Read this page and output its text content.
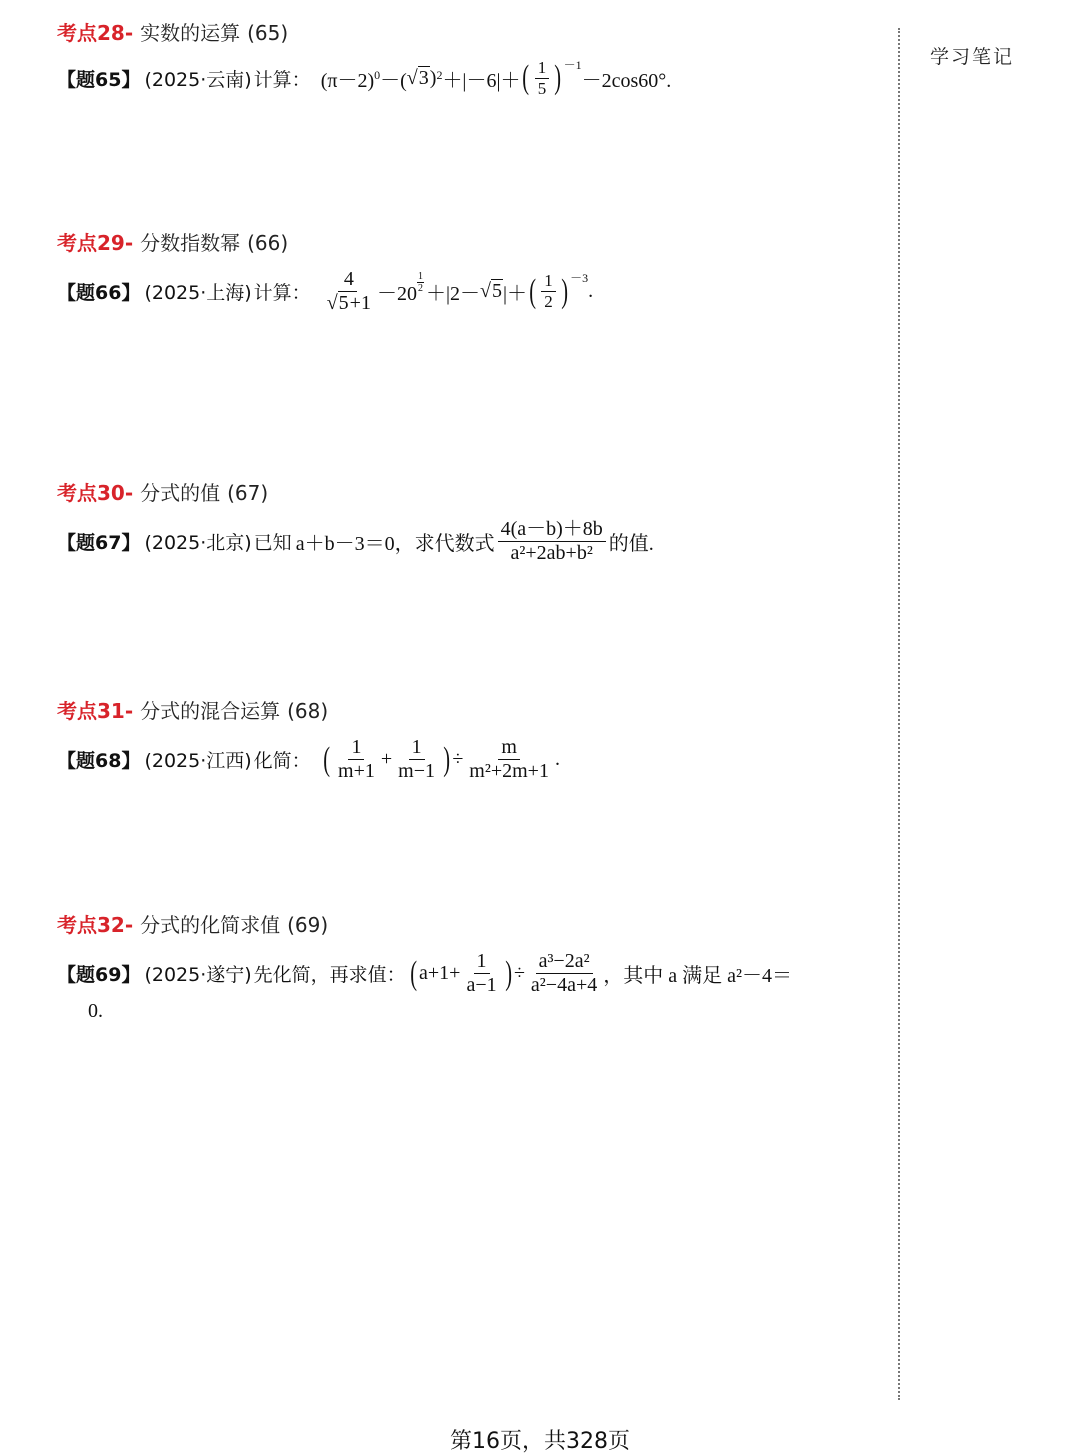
考点28- 实数的运算 (65)
【题65】 (2025·云南) 计算： $(\pi-2)^0$ －( √ 3 )$^2$ ＋|－6|＋ ( $\frac{1}{5} )^{-1}$
－2cos60°.
考点29- 分数指数幂 (66)
【题66】 (2025·上海) 计算： 4
√ $5+1 -20 \frac{1}{2} +|2-$ √ 5 |＋ ( $\frac{1}{2} )^{-3}$
.
考点30- 分式的值 (67)
【题67】 (2025·北京) 已知 a＋b－3＝0，求代数式 $\frac{4(a-b)+8b}{\text{a²+2ab+b²}}$ 的值.
考点31- 分式的混合运算 (68)
【题68】 (2025·江西) 化简： ( $\frac{1}{m+1} + \frac{1}{m-1}$ ) ÷ $\frac{m}{\text{m²+2m+1}}$ .
考点32- 分式的化简求值 (69)
【题69】 (2025·遂宁) 先化简，再求值： ( $a+1+ \frac{1}{a-1}$ ) ÷ $\frac{\text{a³−2a²}}{\text{a²−4a+4}}$ ，其中 a 满足 a²－4＝
0.
学习笔记
第16页，共328页
